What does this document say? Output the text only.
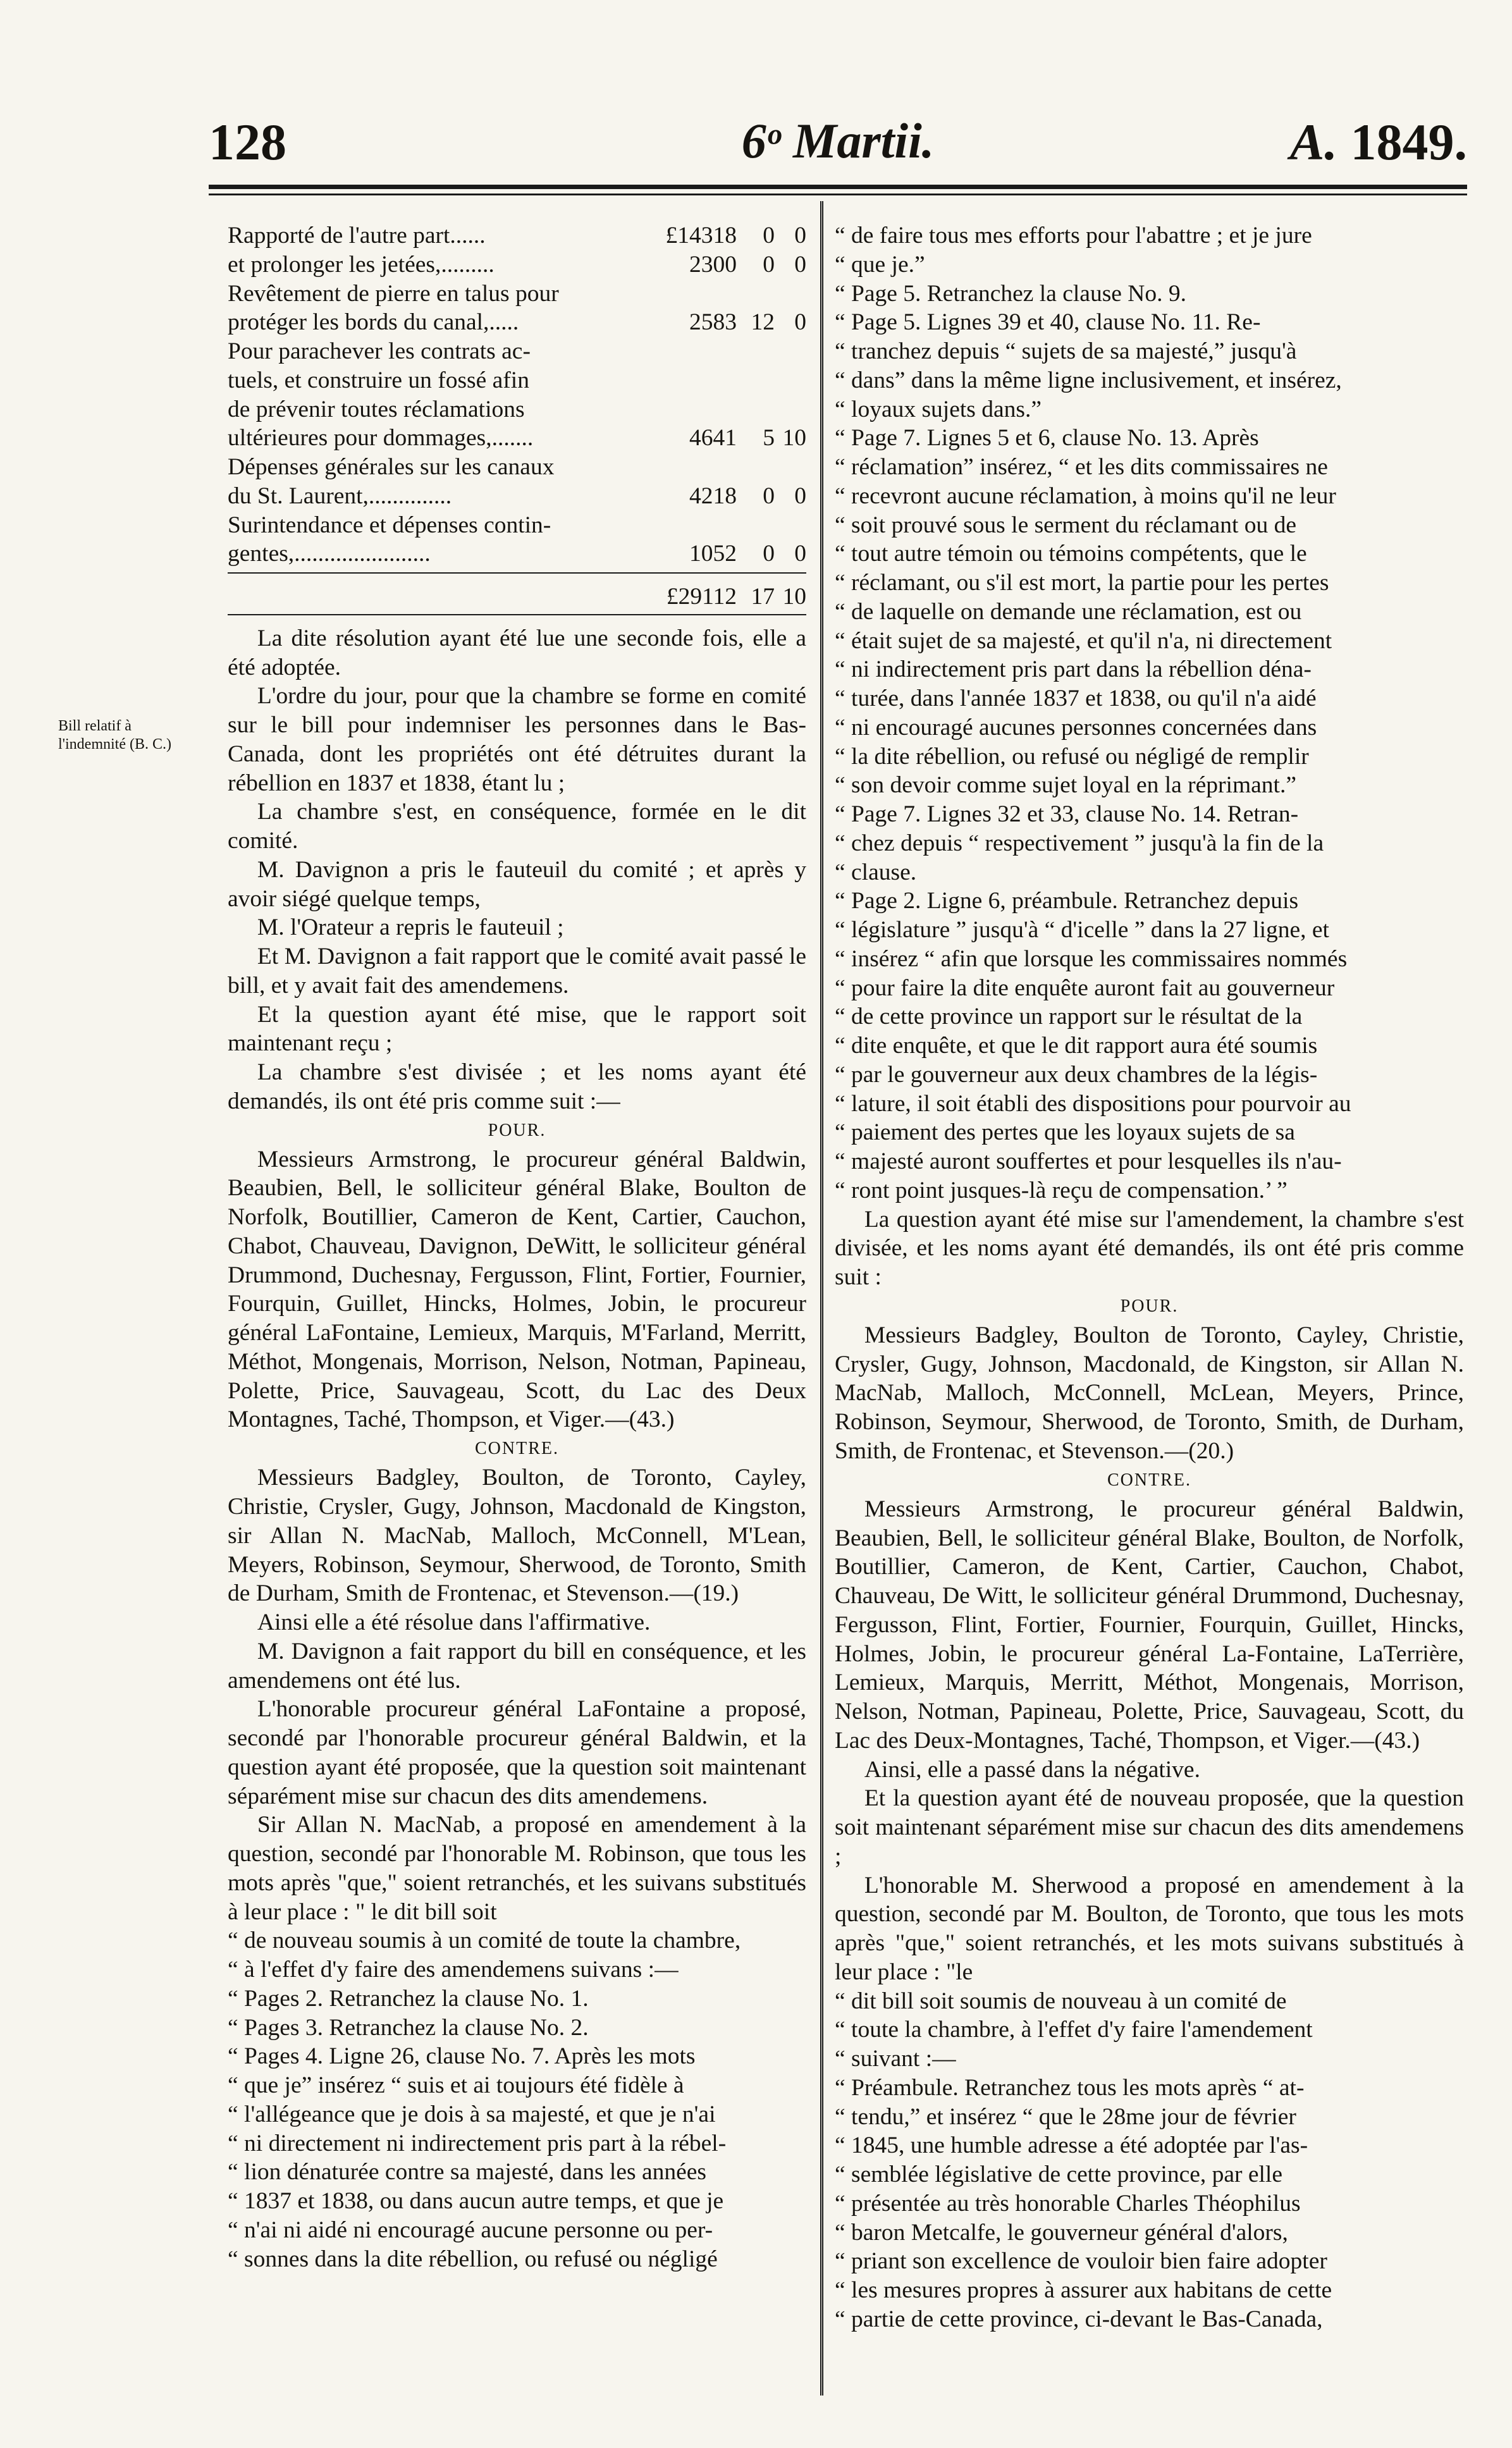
128	6ᵒ Martii.	A. 1849.
Bill relatif à l'indemnité (B. C.)
Rapporté de l'autre part......	£14318	0	0
et prolonger les jetées,.........	2300	0	0
Revêtement de pierre en talus pour			
protéger les bords du canal,.....	2583	12	0
Pour parachever les contrats ac-			
tuels, et construire un fossé afin			
de prévenir toutes réclamations			
ultérieures pour dommages,.......	4641	5	10
Dépenses générales sur les canaux			
du St. Laurent,..............	4218	0	0
Surintendance et dépenses contin-			
gentes,.......................	1052	0	0
	£29112	17	10

La dite résolution ayant été lue une seconde fois, elle a été adoptée.

L'ordre du jour, pour que la chambre se forme en comité sur le bill pour indemniser les personnes dans le Bas-Canada, dont les propriétés ont été détruites durant la rébellion en 1837 et 1838, étant lu ;

La chambre s'est, en conséquence, formée en le dit comité.

M. Davignon a pris le fauteuil du comité ; et après y avoir siégé quelque temps,

M. l'Orateur a repris le fauteuil ;

Et M. Davignon a fait rapport que le comité avait passé le bill, et y avait fait des amendemens.

Et la question ayant été mise, que le rapport soit maintenant reçu ;

La chambre s'est divisée ; et les noms ayant été demandés, ils ont été pris comme suit :—

POUR.

Messieurs Armstrong, le procureur général Baldwin, Beaubien, Bell, le solliciteur général Blake, Boulton de Norfolk, Boutillier, Cameron de Kent, Cartier, Cauchon, Chabot, Chauveau, Davignon, DeWitt, le solliciteur général Drummond, Duchesnay, Fergusson, Flint, Fortier, Fournier, Fourquin, Guillet, Hincks, Holmes, Jobin, le procureur général LaFontaine, Lemieux, Marquis, M'Farland, Merritt, Méthot, Mongenais, Morrison, Nelson, Notman, Papineau, Polette, Price, Sauvageau, Scott, du Lac des Deux Montagnes, Taché, Thompson, et Viger.—(43.)

CONTRE.

Messieurs Badgley, Boulton, de Toronto, Cayley, Christie, Crysler, Gugy, Johnson, Macdonald de Kingston, sir Allan N. MacNab, Malloch, McConnell, M'Lean, Meyers, Robinson, Seymour, Sherwood, de Toronto, Smith de Durham, Smith de Frontenac, et Stevenson.—(19.)

Ainsi elle a été résolue dans l'affirmative.

M. Davignon a fait rapport du bill en conséquence, et les amendemens ont été lus.

L'honorable procureur général LaFontaine a proposé, secondé par l'honorable procureur général Baldwin, et la question ayant été proposée, que la question soit maintenant séparément mise sur chacun des dits amendemens.

Sir Allan N. MacNab, a proposé en amendement à la question, secondé par l'honorable M. Robinson, que tous les mots après "que," soient retranchés, et les suivans substitués à leur place : " le dit bill soit

“ de nouveau soumis à un comité de toute la chambre,

“ à l'effet d'y faire des amendemens suivans :—

“ Pages 2. Retranchez la clause No. 1.

“ Pages 3. Retranchez la clause No. 2.

“ Pages 4. Ligne 26, clause No. 7. Après les mots

“ que je” insérez “ suis et ai toujours été fidèle à

“ l'allégeance que je dois à sa majesté, et que je n'ai

“ ni directement ni indirectement pris part à la rébel-

“ lion dénaturée contre sa majesté, dans les années

“ 1837 et 1838, ou dans aucun autre temps, et que je

“ n'ai ni aidé ni encouragé aucune personne ou per-

“ sonnes dans la dite rébellion, ou refusé ou négligé

“ de faire tous mes efforts pour l'abattre ; et je jure

“ que je.”

“ Page 5. Retranchez la clause No. 9.

“ Page 5. Lignes 39 et 40, clause No. 11. Re-

“ tranchez depuis “ sujets de sa majesté,” jusqu'à

“ dans” dans la même ligne inclusivement, et insérez,

“ loyaux sujets dans.”

“ Page 7. Lignes 5 et 6, clause No. 13. Après

“ réclamation” insérez, “ et les dits commissaires ne

“ recevront aucune réclamation, à moins qu'il ne leur

“ soit prouvé sous le serment du réclamant ou de

“ tout autre témoin ou témoins compétents, que le

“ réclamant, ou s'il est mort, la partie pour les pertes

“ de laquelle on demande une réclamation, est ou

“ était sujet de sa majesté, et qu'il n'a, ni directement

“ ni indirectement pris part dans la rébellion déna-

“ turée, dans l'année 1837 et 1838, ou qu'il n'a aidé

“ ni encouragé aucunes personnes concernées dans

“ la dite rébellion, ou refusé ou négligé de remplir

“ son devoir comme sujet loyal en la réprimant.”

“ Page 7. Lignes 32 et 33, clause No. 14. Retran-

“ chez depuis “ respectivement ” jusqu'à la fin de la

“ clause.

“ Page 2. Ligne 6, préambule. Retranchez depuis

“ législature ” jusqu'à “ d'icelle ” dans la 27 ligne, et

“ insérez “ afin que lorsque les commissaires nommés

“ pour faire la dite enquête auront fait au gouverneur

“ de cette province un rapport sur le résultat de la

“ dite enquête, et que le dit rapport aura été soumis

“ par le gouverneur aux deux chambres de la légis-

“ lature, il soit établi des dispositions pour pourvoir au

“ paiement des pertes que les loyaux sujets de sa

“ majesté auront souffertes et pour lesquelles ils n'au-

“ ront point jusques-là reçu de compensation.’ ”

La question ayant été mise sur l'amendement, la chambre s'est divisée, et les noms ayant été demandés, ils ont été pris comme suit :

POUR.

Messieurs Badgley, Boulton de Toronto, Cayley, Christie, Crysler, Gugy, Johnson, Macdonald, de Kingston, sir Allan N. MacNab, Malloch, McConnell, McLean, Meyers, Prince, Robinson, Seymour, Sherwood, de Toronto, Smith, de Durham, Smith, de Frontenac, et Stevenson.—(20.)

CONTRE.

Messieurs Armstrong, le procureur général Baldwin, Beaubien, Bell, le solliciteur général Blake, Boulton, de Norfolk, Boutillier, Cameron, de Kent, Cartier, Cauchon, Chabot, Chauveau, De Witt, le solliciteur général Drummond, Duchesnay, Fergusson, Flint, Fortier, Fournier, Fourquin, Guillet, Hincks, Holmes, Jobin, le procureur général La-Fontaine, LaTerrière, Lemieux, Marquis, Merritt, Méthot, Mongenais, Morrison, Nelson, Notman, Papineau, Polette, Price, Sauvageau, Scott, du Lac des Deux-Montagnes, Taché, Thompson, et Viger.—(43.)

Ainsi, elle a passé dans la négative.

Et la question ayant été de nouveau proposée, que la question soit maintenant séparément mise sur chacun des dits amendemens ;

L'honorable M. Sherwood a proposé en amendement à la question, secondé par M. Boulton, de Toronto, que tous les mots après "que," soient retranchés, et les mots suivans substitués à leur place : "le

“ dit bill soit soumis de nouveau à un comité de

“ toute la chambre, à l'effet d'y faire l'amendement

“ suivant :—

“ Préambule. Retranchez tous les mots après “ at-

“ tendu,” et insérez “ que le 28me jour de février

“ 1845, une humble adresse a été adoptée par l'as-

“ semblée législative de cette province, par elle

“ présentée au très honorable Charles Théophilus

“ baron Metcalfe, le gouverneur général d'alors,

“ priant son excellence de vouloir bien faire adopter

“ les mesures propres à assurer aux habitans de cette

“ partie de cette province, ci-devant le Bas-Canada,
